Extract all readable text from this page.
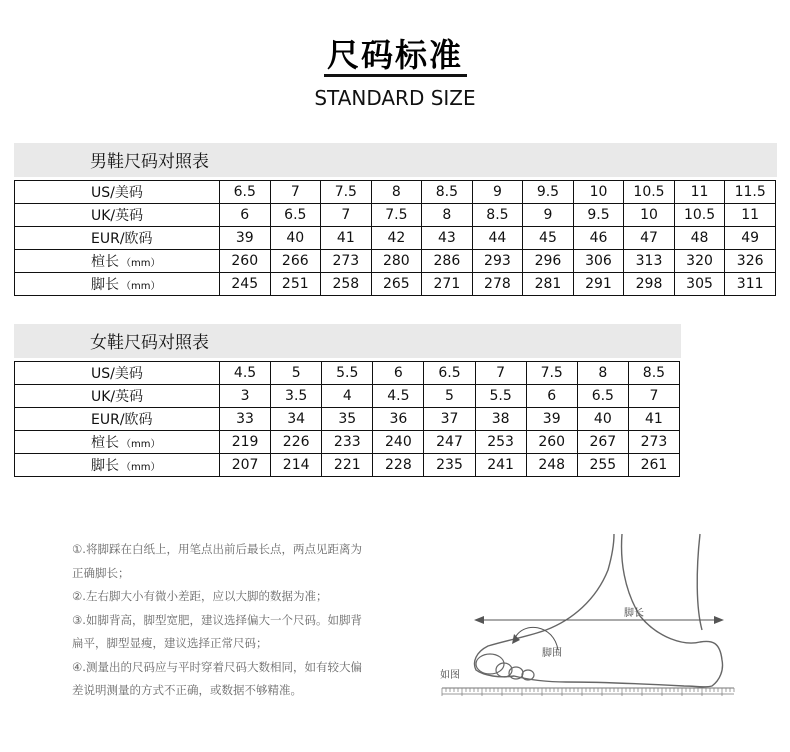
尺码标准
STANDARD SIZE
男鞋尺码对照表
US/美码	6.5	7	7.5	8	8.5	9	9.5	10	10.5	11	11.5
UK/英码	6	6.5	7	7.5	8	8.5	9	9.5	10	10.5	11
EUR/欧码	39	40	41	42	43	44	45	46	47	48	49
楦长 （mm）	260	266	273	280	286	293	296	306	313	320	326
脚长 （mm）	245	251	258	265	271	278	281	291	298	305	311
女鞋尺码对照表
US/美码	4.5	5	5.5	6	6.5	7	7.5	8	8.5
UK/英码	3	3.5	4	4.5	5	5.5	6	6.5	7
EUR/欧码	33	34	35	36	37	38	39	40	41
楦长 （mm）	219	226	233	240	247	253	260	267	273
脚长 （mm）	207	214	221	228	235	241	248	255	261

①.将脚踩在白纸上，用笔点出前后最长点，两点见距离为

正确脚长；

②.左右脚大小有微小差距，应以大脚的数据为准；

③.如脚背高，脚型宽肥，建议选择偏大一个尺码。如脚背

扁平，脚型显瘦，建议选择正常尺码；

④.测量出的尺码应与平时穿着尺码大数相同，如有较大偏

差说明测量的方式不正确，或数据不够精准。

脚长
脚围
如图
